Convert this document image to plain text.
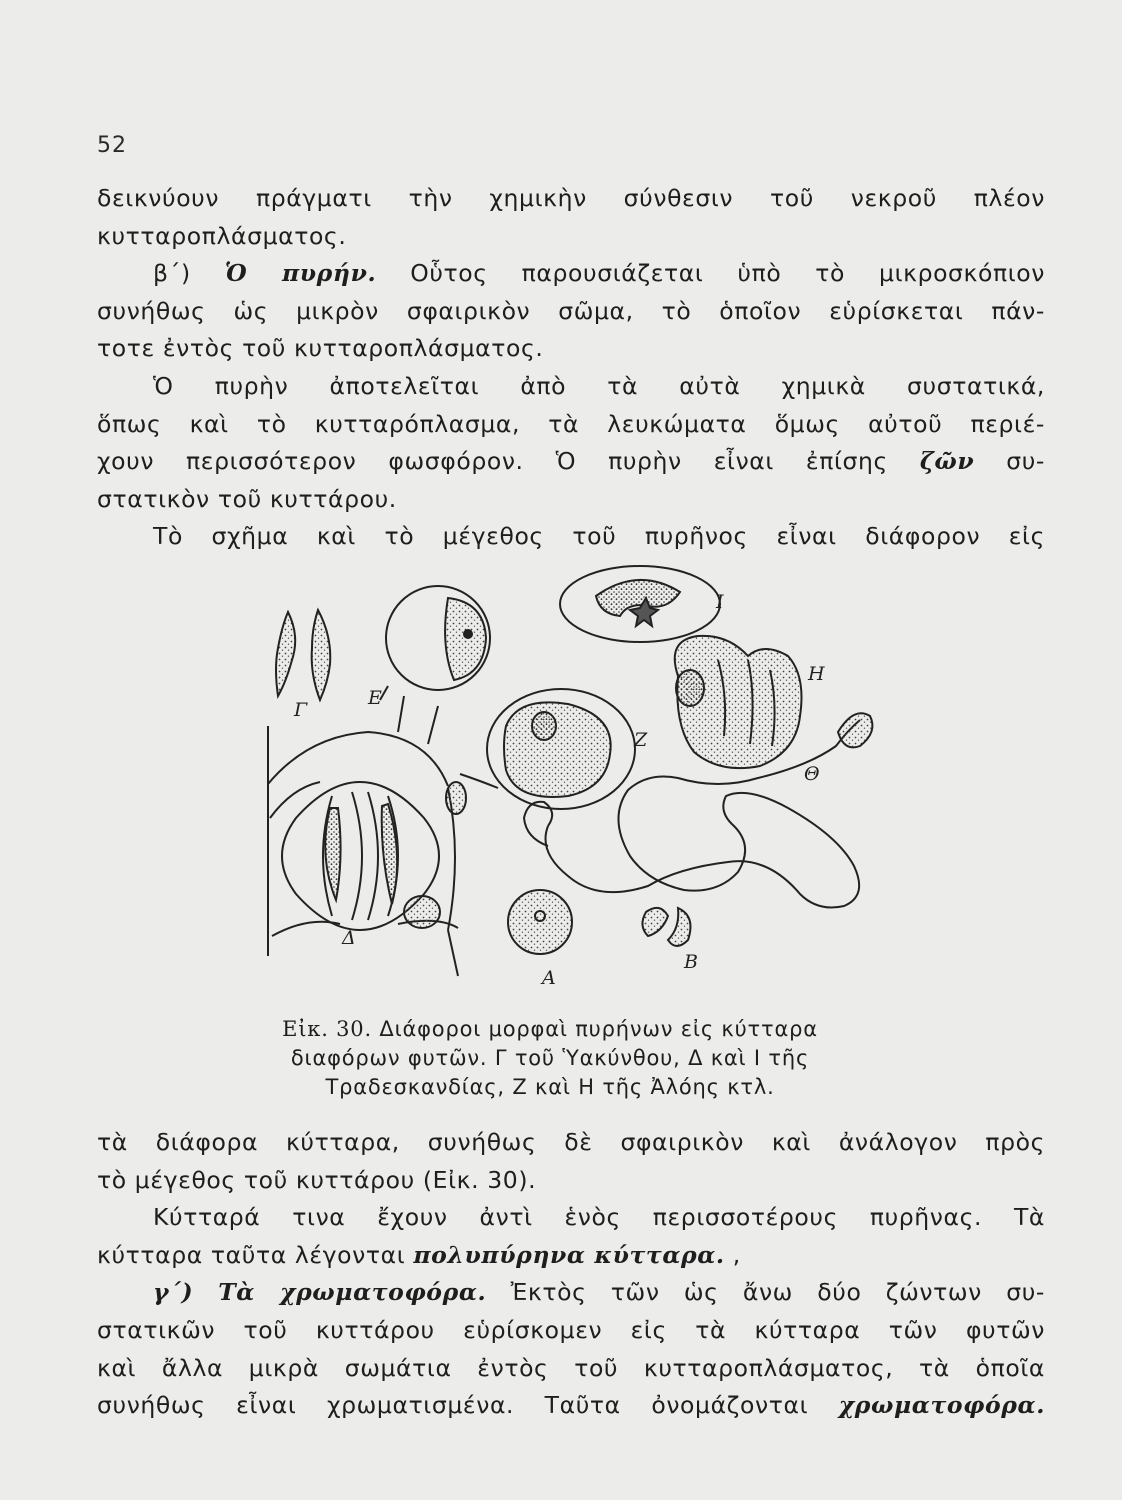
52
δεικνύουν πράγματι τὴν χημικὴν σύνθεσιν τοῦ νεκροῦ πλέον
κυτταροπλάσματος.
β΄) Ὁ πυρήν. Οὗτος παρουσιάζεται ὑπὸ τὸ μικροσκόπιον
συνήθως ὡς μικρὸν σφαιρικὸν σῶμα, τὸ ὁποῖον εὑρίσκεται πάν-
τοτε ἐντὸς τοῦ κυτταροπλάσματος.
Ὁ πυρὴν ἀποτελεῖται ἀπὸ τὰ αὐτὰ χημικὰ συστατικά,
ὅπως καὶ τὸ κυτταρόπλασμα, τὰ λευκώματα ὅμως αὐτοῦ περιέ-
χουν περισσότερον φωσφόρον. Ὁ πυρὴν εἶναι ἐπίσης ζῶν συ-
στατικὸν τοῦ κυττάρου.
Τὸ σχῆμα καὶ τὸ μέγεθος τοῦ πυρῆνος εἶναι διάφορον εἰς
Γ
Ε
Ι
Η
Ζ
Θ
Δ
Α
Β
Εἰκ. 30. Διάφοροι μορφαὶ πυρήνων εἰς κύτταρα
διαφόρων φυτῶν. Γ τοῦ Ὑακύνθου, Δ καὶ Ι τῆς
Τραδεσκανδίας, Ζ καὶ Η τῆς Ἀλόης κτλ.
τὰ διάφορα κύτταρα, συνήθως δὲ σφαιρικὸν καὶ ἀνάλογον πρὸς
τὸ μέγεθος τοῦ κυττάρου (Εἰκ. 30).
Κύτταρά τινα ἔχουν ἀντὶ ἑνὸς περισσοτέρους πυρῆνας. Τὰ
κύτταρα ταῦτα λέγονται πολυπύρηνα κύτταρα. ,
γ΄) Τὰ χρωματοφόρα. Ἐκτὸς τῶν ὡς ἄνω δύο ζώντων συ-
στατικῶν τοῦ κυττάρου εὑρίσκομεν εἰς τὰ κύτταρα τῶν φυτῶν
καὶ ἄλλα μικρὰ σωμάτια ἐντὸς τοῦ κυτταροπλάσματος, τὰ ὁποῖα
συνήθως εἶναι χρωματισμένα. Ταῦτα ὀνομάζονται χρωματοφόρα.
